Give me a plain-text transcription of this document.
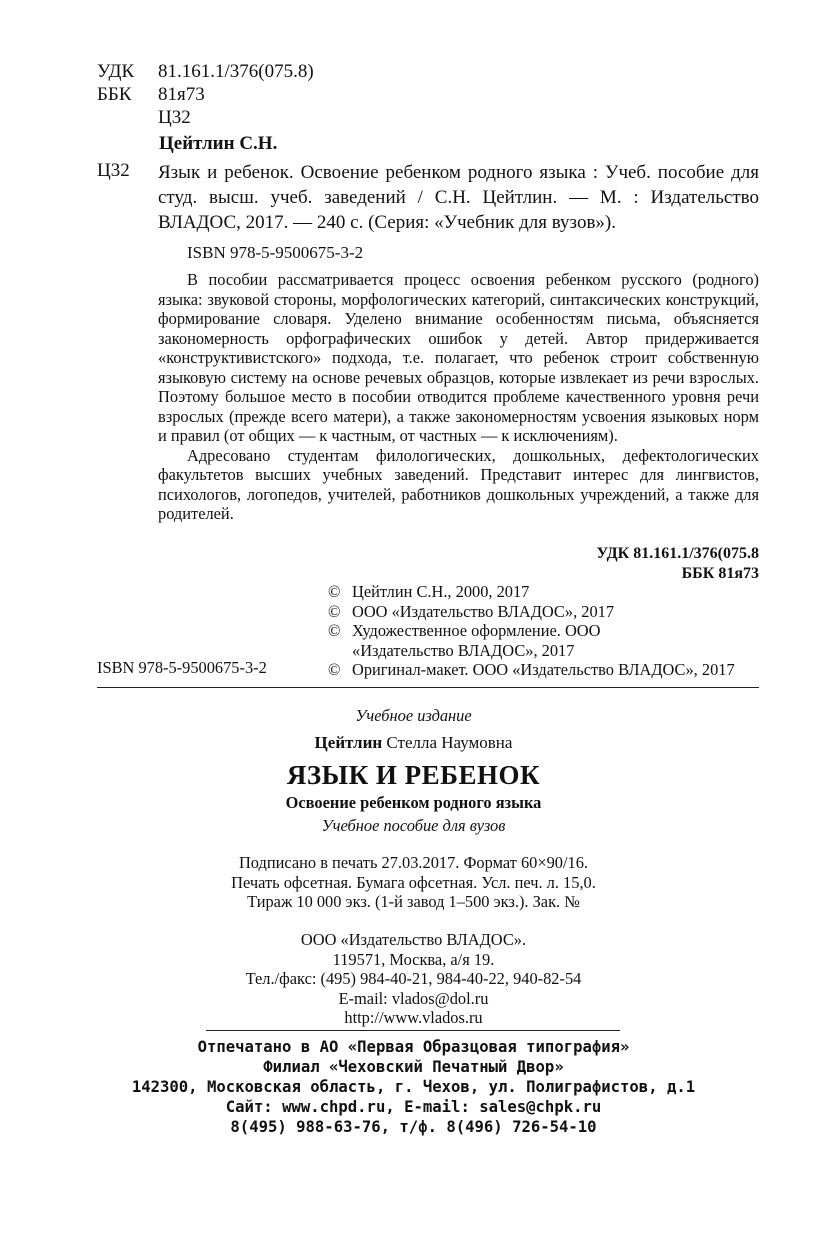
УДК	81.161.1/376(075.8)
ББК	81я73
Ц32
Цейтлин С.Н.
Ц32 Язык и ребенок. Освоение ребенком родного языка : Учеб. пособие для студ. высш. учеб. заведений / С.Н. Цейтлин. — М. : Издательство ВЛАДОС, 2017. — 240 с. (Серия: «Учебник для вузов»).
ISBN 978-5-9500675-3-2

В пособии рассматривается процесс освоения ребенком русского (родного) языка: звуковой стороны, морфологических категорий, синтаксических конструкций, формирование словаря. Уделено внимание особенностям письма, объясняется закономерность орфографических ошибок у детей. Автор придерживается «конструктивистского» подхода, т.е. полагает, что ребенок строит собственную языковую систему на основе речевых образцов, которые извлекает из речи взрослых. Поэтому большое место в пособии отводится проблеме качественного уровня речи взрослых (прежде всего матери), а также закономерностям усвоения языковых норм и правил (от общих — к частным, от частных — к исключениям).

Адресовано студентам филологических, дошкольных, дефектологических факультетов высших учебных заведений. Представит интерес для лингвистов, психологов, логопедов, учителей, работников дошкольных учреждений, а также для родителей.

УДК 81.161.1/376(075.8
ББК 81я73
© Цейтлин С.Н., 2000, 2017
© ООО «Издательство ВЛАДОС», 2017
© Художественное оформление. ООО «Издательство ВЛАДОС», 2017
© Оригинал-макет. ООО «Издательство ВЛАДОС», 2017
ISBN 978-5-9500675-3-2
Учебное издание
Цейтлин Стелла Наумовна
ЯЗЫК И РЕБЕНОК
Освоение ребенком родного языка
Учебное пособие для вузов
Подписано в печать 27.03.2017. Формат 60×90/16.
Печать офсетная. Бумага офсетная. Усл. печ. л. 15,0.
Тираж 10 000 экз. (1-й завод 1–500 экз.). Зак. №
ООО «Издательство ВЛАДОС».
119571, Москва, а/я 19.
Тел./факс: (495) 984-40-21, 984-40-22, 940-82-54
E-mail: vlados@dol.ru
http://www.vlados.ru
Отпечатано в АО «Первая Образцовая типография»
Филиал «Чеховский Печатный Двор»
142300, Московская область, г. Чехов, ул. Полиграфистов, д.1
Сайт: www.chpd.ru, E-mail: sales@chpk.ru
8(495) 988-63-76, т/ф. 8(496) 726-54-10
